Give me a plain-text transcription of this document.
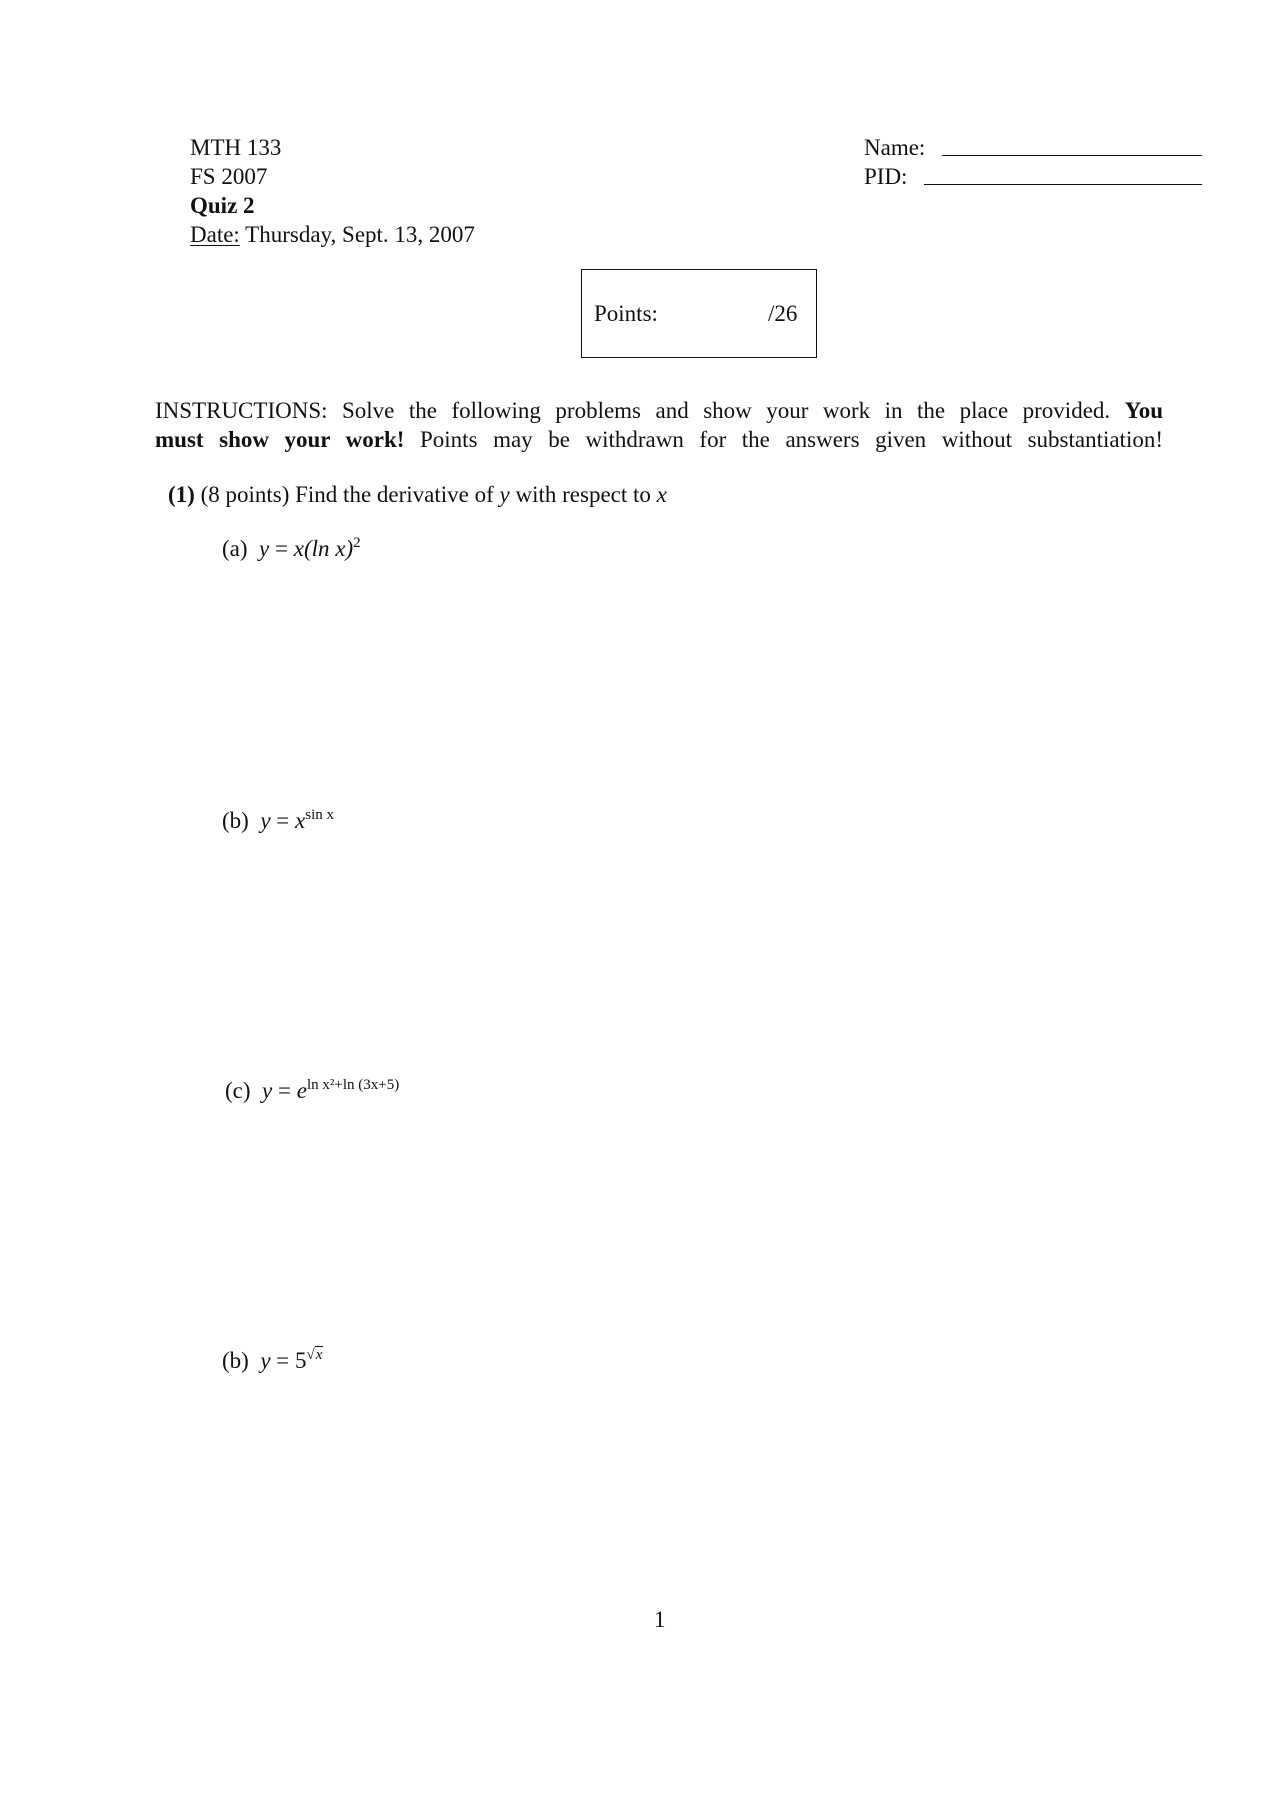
MTH 133
FS 2007
Quiz 2
Date: Thursday, Sept. 13, 2007
Name:
PID:
Points:	/26
INSTRUCTIONS: Solve the following problems and show your work in the place provided. You
must show your work! Points may be withdrawn for the answers given without substantiation!
(1) (8 points) Find the derivative of y with respect to x
(a) y = x(ln x)$^2$
(b) $y = x^{sin x}$
(c) $y = e^{ln x^2+ln (3x+5)}$
(b) $y = 5^{√x}$
1
